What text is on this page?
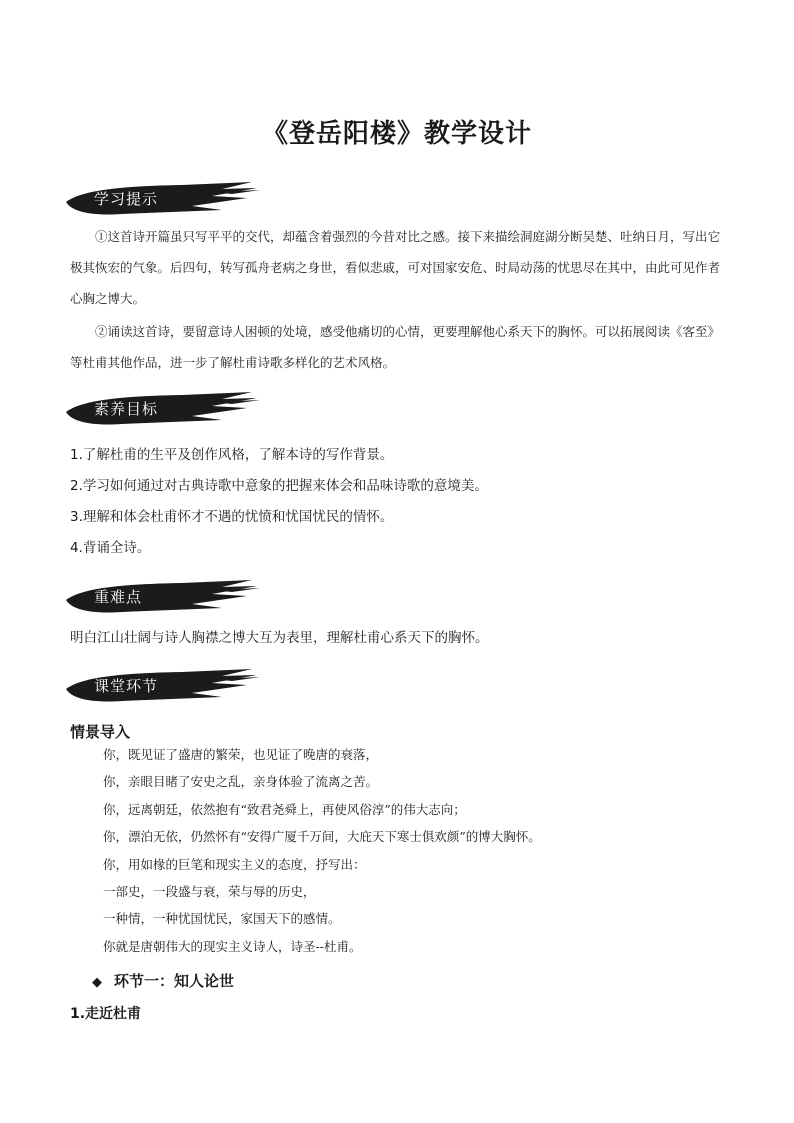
《登岳阳楼》教学设计
学习提示
①这首诗开篇虽只写平平的交代，却蕴含着强烈的今昔对比之感。接下来描绘洞庭湖分断吴楚、吐纳日月，写出它极其恢宏的气象。后四句，转写孤舟老病之身世，看似悲戚，可对国家安危、时局动荡的忧思尽在其中，由此可见作者心胸之博大。
②诵读这首诗，要留意诗人困顿的处境，感受他痛切的心情，更要理解他心系天下的胸怀。可以拓展阅读《客至》等杜甫其他作品，进一步了解杜甫诗歌多样化的艺术风格。
素养目标
1.了解杜甫的生平及创作风格，了解本诗的写作背景。
2.学习如何通过对古典诗歌中意象的把握来体会和品味诗歌的意境美。
3.理解和体会杜甫怀才不遇的忧愤和忧国忧民的情怀。
4.背诵全诗。
重难点
明白江山壮阔与诗人胸襟之博大互为表里，理解杜甫心系天下的胸怀。
课堂环节
情景导入
你，既见证了盛唐的繁荣，也见证了晚唐的衰落，
你，亲眼目睹了安史之乱，亲身体验了流离之苦。
你，远离朝廷，依然抱有“致君尧舜上，再使风俗淳”的伟大志向；
你，漂泊无依，仍然怀有“安得广厦千万间，大庇天下寒士俱欢颜”的博大胸怀。
你，用如椽的巨笔和现实主义的态度，抒写出：
一部史，一段盛与衰，荣与辱的历史，
一种情，一种忧国忧民，家国天下的感情。
你就是唐朝伟大的现实主义诗人，诗圣--杜甫。
◆ 环节一：知人论世
1.走近杜甫
